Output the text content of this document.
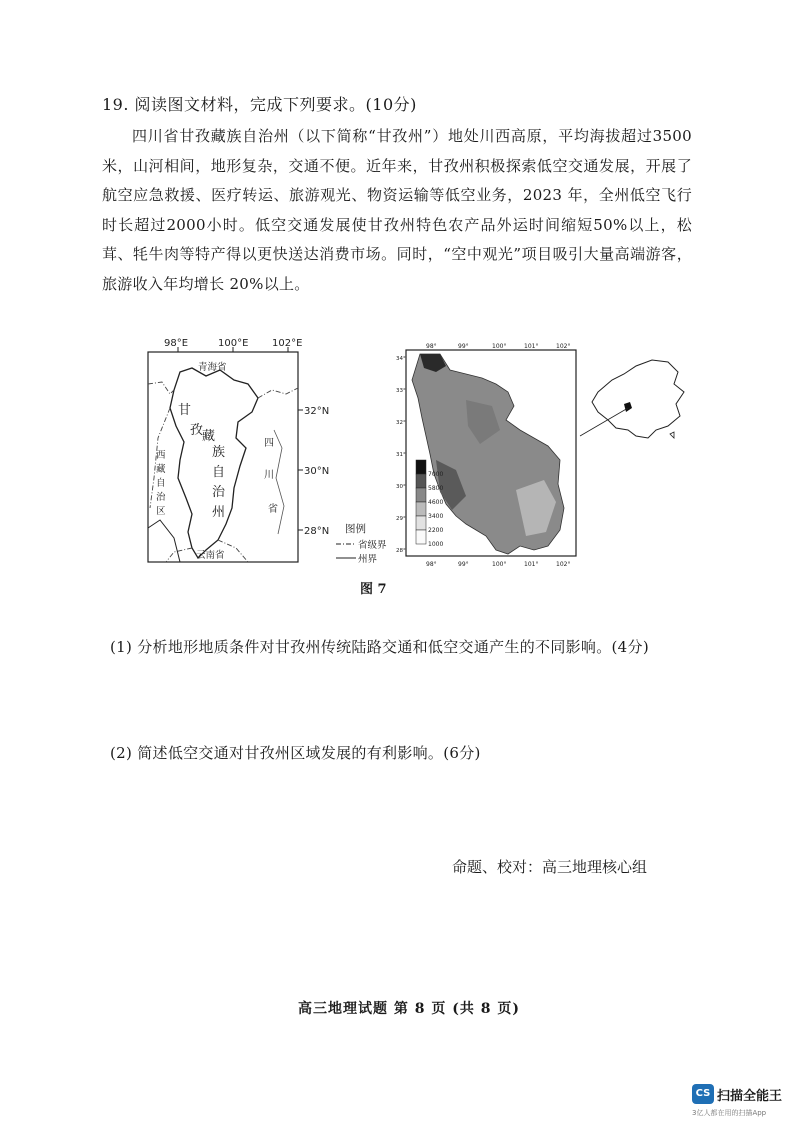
19. 阅读图文材料，完成下列要求。(10分)
四川省甘孜藏族自治州（以下简称“甘孜州”）地处川西高原，平均海拔超过3500米，山河相间，地形复杂，交通不便。近年来，甘孜州积极探索低空交通发展，开展了航空应急救援、医疗转运、旅游观光、物资运输等低空业务，2023 年，全州低空飞行时长超过2000小时。低空交通发展使甘孜州特色农产品外运时间缩短50%以上，松茸、牦牛肉等特产得以更快送达消费市场。同时，“空中观光”项目吸引大量高端游客，旅游收入年均增长 20%以上。
98°E	100°E 102°E
32°N
30°N
28°N
青海省
甘
孜
藏
族
自
治
州
四
川
省
西
藏
自
治
区
云南省
图例
省级界
州界
98°	99°	100°	101°	102°
98°	99°	100°	101°	102°
34°
33°
32°
31°
30°
29°
28°
7000
5800
4600
3400
2200
1000
图 7
(1) 分析地形地质条件对甘孜州传统陆路交通和低空交通产生的不同影响。(4分)
(2) 简述低空交通对甘孜州区域发展的有利影响。(6分)
命题、校对：高三地理核心组
高三地理试题 第 8 页 (共 8 页)
CS 扫描全能王
3亿人都在用的扫描App
